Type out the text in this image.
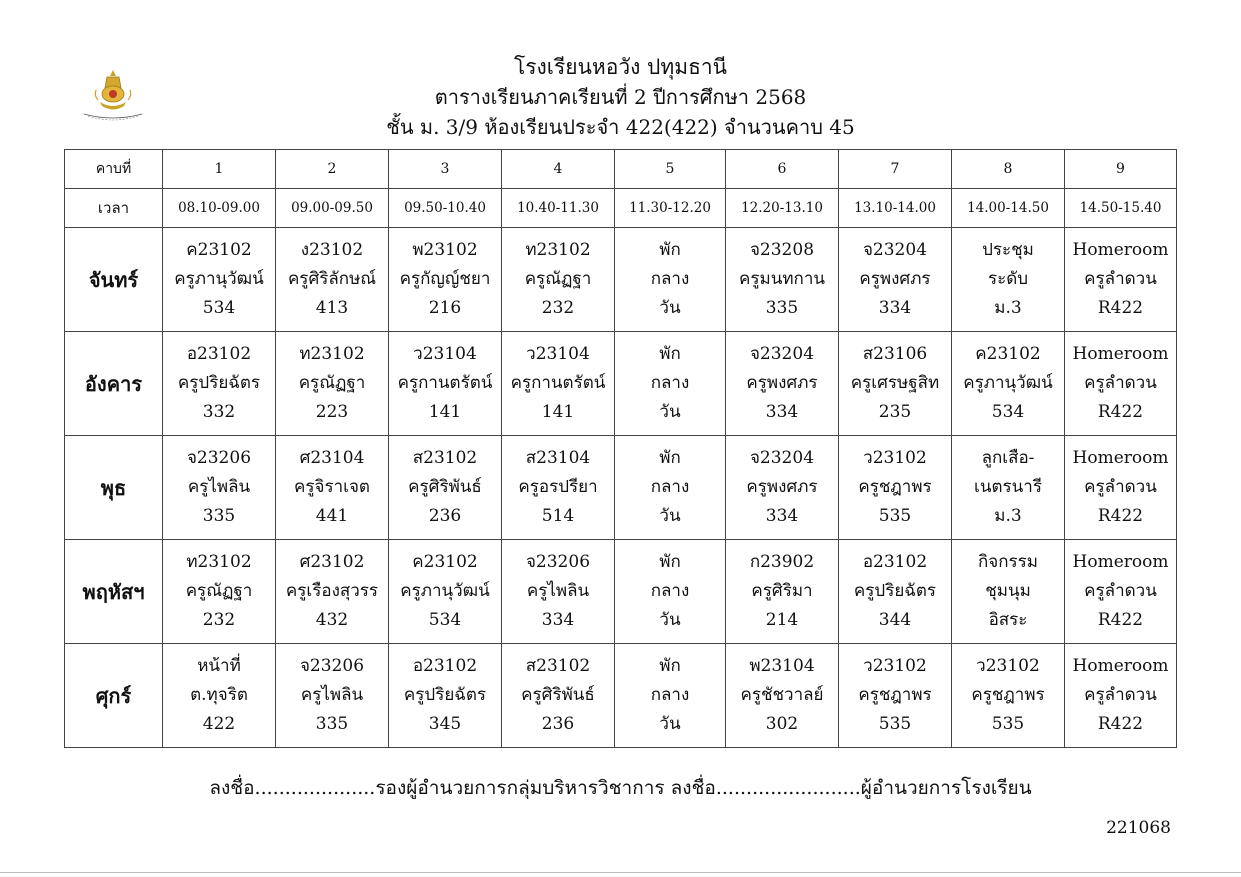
โรงเรียนหอวัง ปทุมธานี
ตารางเรียนภาคเรียนที่ 2 ปีการศึกษา 2568
ชั้น ม. 3/9 ห้องเรียนประจำ 422(422) จำนวนคาบ 45
คาบที่	1	2	3	4	5	6	7	8	9
เวลา	08.10-09.00	09.00-09.50	09.50-10.40	10.40-11.30	11.30-12.20	12.20-13.10	13.10-14.00	14.00-14.50	14.50-15.40
จันทร์	ค23102
ครูภานุวัฒน์
534	ง23102
ครูศิริลักษณ์
413	พ23102
ครูกัญญ์ชยา
216	ท23102
ครูณัฏฐา
232	พัก
กลาง
วัน	จ23208
ครูมนทกาน
335	จ23204
ครูพงศภร
334	ประชุม
ระดับ
ม.3	Homeroom
ครูลำดวน
R422

อังคาร	อ23102
ครูปริยฉัตร
332	ท23102
ครูณัฏฐา
223	ว23104
ครูกานตรัตน์
141	ว23104
ครูกานตรัตน์
141	พัก
กลาง
วัน	จ23204
ครูพงศภร
334	ส23106
ครูเศรษฐสิท
235	ค23102
ครูภานุวัฒน์
534	Homeroom
ครูลำดวน
R422

พุธ	จ23206
ครูไพลิน
335	ศ23104
ครูจิราเจต
441	ส23102
ครูศิริพันธ์
236	ส23104
ครูอรปรียา
514	พัก
กลาง
วัน	จ23204
ครูพงศภร
334	ว23102
ครูชฎาพร
535	ลูกเสือ-
เนตรนารี
ม.3	Homeroom
ครูลำดวน
R422

พฤหัสฯ	ท23102
ครูณัฏฐา
232	ศ23102
ครูเรืองสุวรร
432	ค23102
ครูภานุวัฒน์
534	จ23206
ครูไพลิน
334	พัก
กลาง
วัน	ก23902
ครูศิริมา
214	อ23102
ครูปริยฉัตร
344	กิจกรรม
ชุมนุม
อิสระ	Homeroom
ครูลำดวน
R422

ศุกร์	หน้าที่
ต.ทุจริต
422	จ23206
ครูไพลิน
335	อ23102
ครูปริยฉัตร
345	ส23102
ครูศิริพันธ์
236	พัก
กลาง
วัน	พ23104
ครูชัชวาลย์
302	ว23102
ครูชฎาพร
535	ว23102
ครูชฎาพร
535	Homeroom
ครูลำดวน
R422
ลงชื่อ....................รองผู้อำนวยการกลุ่มบริหารวิชาการ ลงชื่อ........................ผู้อำนวยการโรงเรียน
221068
